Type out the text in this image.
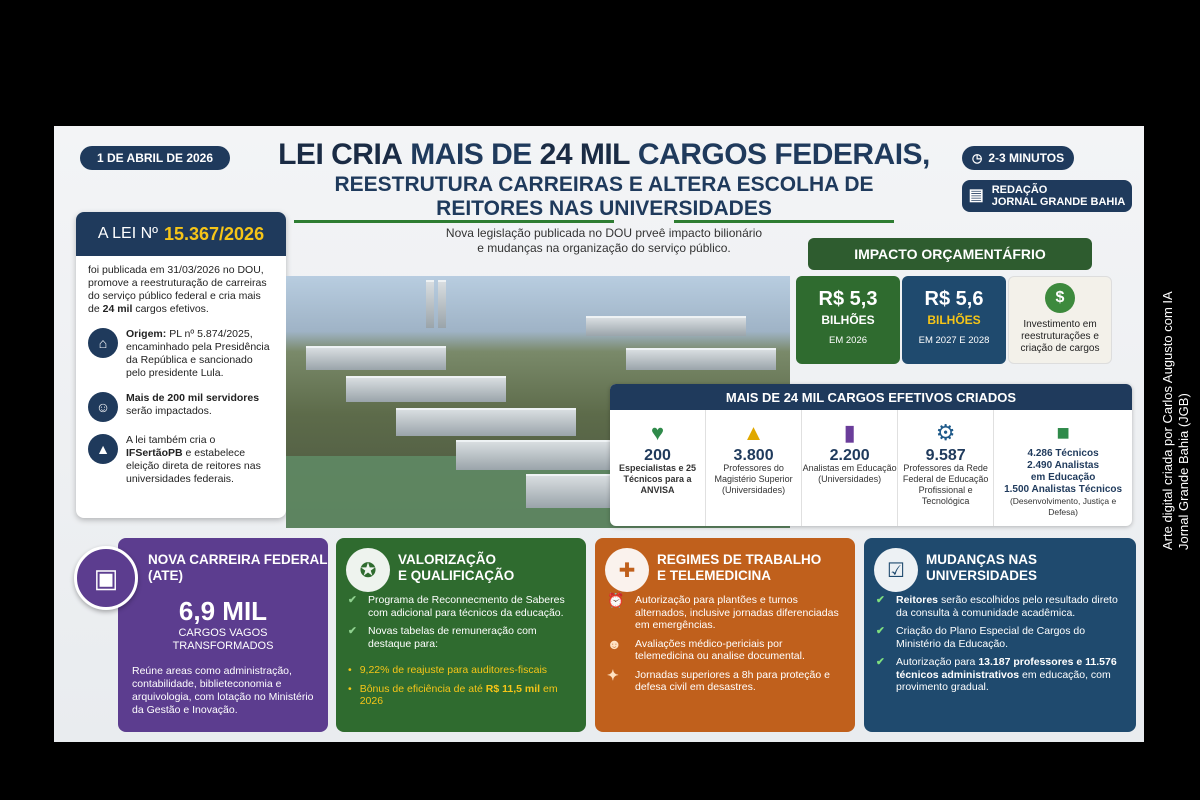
1 DE ABRIL DE 2026	LEI CRIA MAIS DE 24 MIL CARGOS FEDERAIS,
REESTRUTURA CARREIRAS E ALTERA ESCOLHA DE
REITORES NAS UNIVERSIDADES
Nova legislação publicada no DOU prveê impacto bilionário
e mudanças na organização do serviço público.
◷ 2-3 MINUTOS
▤ REDAÇÃO
JORNAL GRANDE BAHIA
A LEI Nº 15.367/2026
foi publicada em 31/03/2026 no DOU, promove a reestruturação de carreiras do serviço público federal e cria mais de 24 mil cargos efetivos.
⌂
Origem: PL nº 5.874/2025, encaminhado pela Presidência da República e sancionado pelo presidente Lula.
☺
Mais de 200 mil servidores
serão impactados.
▲
A lei também cria o IFSertãoPB e estabelece eleição direta de reitores nas universidades federais.
IMPACTO ORÇAMENTÁFRIO
R$ 5,3
BILHÕES
EM 2026
R$ 5,6
BILHÕES
EM 2027 E 2028
$
Investimento em reestruturações e criação de cargos
MAIS DE 24 MIL CARGOS EFETIVOS CRIADOS
♥
200
Especialistas e 25 Técnicos para a ANVISA
▲
3.800
Professores do Magistério Superior (Universidades)
▮
2.200
Analistas em Educação (Universidades)
⚙
9.587
Professores da Rede Federal de Educação Profissional e Tecnológica
■
4.286 Técnicos
2.490 Analistas
em Educação
1.500 Analistas Técnicos
(Desenvolvimento, Justiça e Defesa)
NOVA CARREIRA FEDERAL
(ATE)
6,9 MIL
CARGOS VAGOS
TRANSFORMADOS
Reúne areas como administração, contabilidade, biblieteconomia e arquivologia, com lotação no Ministério da Gestão e Inovação.
▣	✪	VALORIZAÇÃO
E QUALIFICAÇÃO
✔	Programa de Reconnecmento de Saberes com adicional para técnicos da educação.
✔	Novas tabelas de remuneração com destaque para:
• 9,22% de reajuste para auditores-fiscais
• Bônus de eficiência de até R$ 11,5 mil em 2026
✚	REGIMES DE TRABALHO
E TELEMEDICINA
⏰ Autorização para plantões e turnos alternados, inclusive jornadas diferenciadas em emergências.
☻	Avaliações médico-periciais por telemedicina ou analise documental.
✦	Jornadas superiores a 8h para proteção e defesa civil em desastres.
☑	MUDANÇAS NAS
UNIVERSIDADES
✔	Reitores serão escolhidos pelo resultado direto da consulta à comunidade acadêmica.
✔	Criação do Plano Especial de Cargos do Ministério da Educação.
✔	Autorização para 13.187 professores e 11.576 técnicos administrativos em educação, com provimento gradual.
Arte digital criada por Carlos Augusto com IA Jornal Grande Bahia (JGB)
